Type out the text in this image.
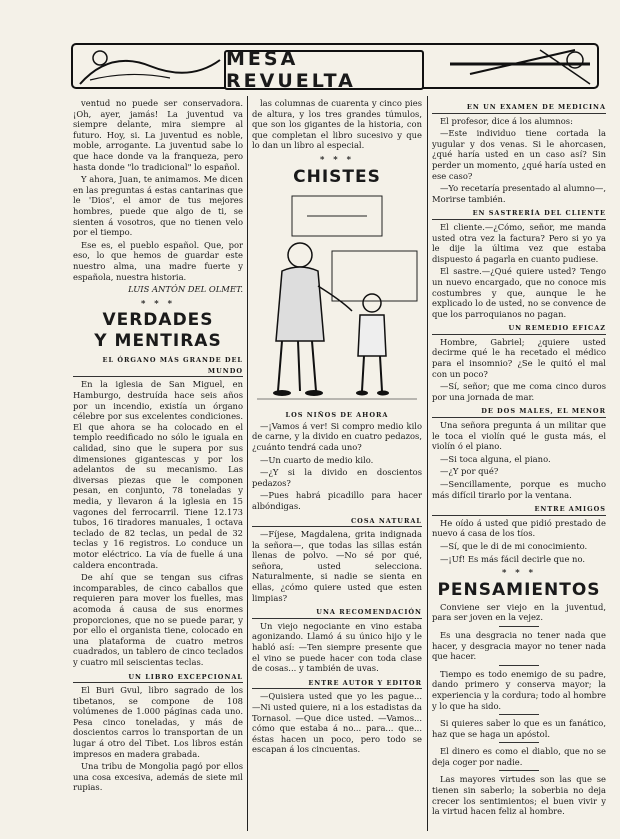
MESA REVUELTA

ventud no puede ser conservadora. ¡Oh, ayer, jamás! La juventud va siempre delante, mira siempre al futuro. Hoy, si. La juventud es noble, moble, arrogante. La juventud sabe lo que hace donde va la franqueza, pero hasta donde "lo tradicional" lo español.

Y ahora, Juan, te animamos. Me dicen en las preguntas á estas cantarinas que le 'Dios', el amor de tus mejores hombres, puede que algo de ti, se sienten á vosotros, que no tienen velo por el tiempo.

Ese es, el pueblo español. Que, por eso, lo que hemos de guardar este nuestro alma, una madre fuerte y española, nuestra historia.

LUIS ANTÓN DEL OLMET.
* * *
VERDADES
Y MENTIRAS
EL ÓRGANO MÁS GRANDE DEL MUNDO

En la iglesia de San Miguel, en Hamburgo, destruída hace seis años por un incendio, existía un órgano célebre por sus excelentes condiciones. El que ahora se ha colocado en el templo reedificado no sólo le iguala en calidad, sino que le supera por sus dimensiones gigantescas y por los adelantos de su mecanismo. Las diversas piezas que le componen pesan, en conjunto, 78 toneladas y media, y llevaron á la iglesia en 15 vagones del ferrocarril. Tiene 12.173 tubos, 16 tiradores manuales, 1 octava teclado de 82 teclas, un pedal de 32 teclas y 16 registros. Lo conduce un motor eléctrico. La vía de fuelle á una caldera encontrada.

De ahí que se tengan sus cifras incomparables, de cinco caballos que requieren para mover los fuelles, mas acomoda á causa de sus enormes proporciones, que no se puede parar, y por ello el organista tiene, colocado en una plataforma de cuatro metros cuadrados, un tablero de cinco teclados y cuatro mil seiscientas teclas.

UN LIBRO EXCEPCIONAL

El Buri Gvul, libro sagrado de los tibetanos, se compone de 108 volúmenes de 1.000 páginas cada uno. Pesa cinco toneladas, y más de doscientos carros lo transportan de un lugar á otro del Tibet. Los libros están impresos en madera grabada.

Una tribu de Mongolia pagó por ellos una cosa excesiva, además de siete mil rupias.

las columnas de cuarenta y cinco pies de altura, y los tres grandes túmulos, que son los gigantes de la historia, con que completan el libro sucesivo y que lo dan un libro al especial.

* * *
CHISTES
LOS NIÑOS DE AHORA

—¡Vamos á ver! Si compro medio kilo de carne, y la divido en cuatro pedazos, ¿cuánto tendrá cada uno?

—Un cuarto de medio kilo.

—¿Y si la divido en doscientos pedazos?

—Pues habrá picadillo para hacer albóndigas.

COSA NATURAL

—Fíjese, Magdalena, grita indignada la señora—, que todas las sillas están llenas de polvo. —No sé por qué, señora, usted selecciona. Naturalmente, si nadie se sienta en ellas, ¿cómo quiere usted que esten limpias?

UNA RECOMENDACIÓN

Un viejo negociante en vino estaba agonizando. Llamó á su único hijo y le habló así: —Ten siempre presente que el vino se puede hacer con toda clase de cosas... y también de uvas.

ENTRE AUTOR Y EDITOR

—Quisiera usted que yo les pague... —Ni usted quiere, ni a los estadistas da Tornasol. —Que dice usted. —Vamos... cómo que estaba á no... para... que... éstas hacen un poco, pero todo se escapan á los cincuentas.

EN UN EXAMEN DE MEDICINA

El profesor, dice á los alumnos:

—Este individuo tiene cortada la yugular y dos venas. Si le ahorcasen, ¿qué haría usted en un caso así? Sin perder un momento, ¿qué haría usted en ese caso?

—Yo recetaría presentado al alumno—, Morirse también.

EN SASTRERÍA DEL CLIENTE

El cliente.—¿Cómo, señor, me manda usted otra vez la factura? Pero si yo ya le dije la última vez que estaba dispuesto á pagarla en cuanto pudiese.

El sastre.—¿Qué quiere usted? Tengo un nuevo encargado, que no conoce mis costumbres y que, aunque le he explicado lo de usted, no se convence de que los parroquianos no pagan.

UN REMEDIO EFICAZ

Hombre, Gabriel; ¿quiere usted decirme qué le ha recetado el médico para el insomnio? ¿Se le quitó el mal con un poco?

—Sí, señor; que me coma cinco duros por una jornada de mar.

DE DOS MALES, EL MENOR

Una señora pregunta á un militar que le toca el violín qué le gusta más, el violín ó el piano.

—Si toca alguna, el piano.

—¿Y por qué?

—Sencillamente, porque es mucho más difícil tirarlo por la ventana.

ENTRE AMIGOS

He oído á usted que pidió prestado de nuevo á casa de los tíos.

—Sí, que le di de mi conocimiento.

—¡Uf! Es más fácil decirle que no.

* * *
PENSAMIENTOS

Conviene ser viejo en la juventud, para ser joven en la vejez.

Es una desgracia no tener nada que hacer, y desgracia mayor no tener nada que hacer.

Tiempo es todo enemigo de su padre, dando primero y conserva mayor; la experiencia y la cordura; todo al hombre y lo que ha sido.

Si quieres saber lo que es un fanático, haz que se haga un apóstol.

El dinero es como el diablo, que no se deja coger por nadie.

Las mayores virtudes son las que se tienen sin saberlo; la soberbia no deja crecer los sentimientos; el buen vivir y la virtud hacen feliz al hombre.
